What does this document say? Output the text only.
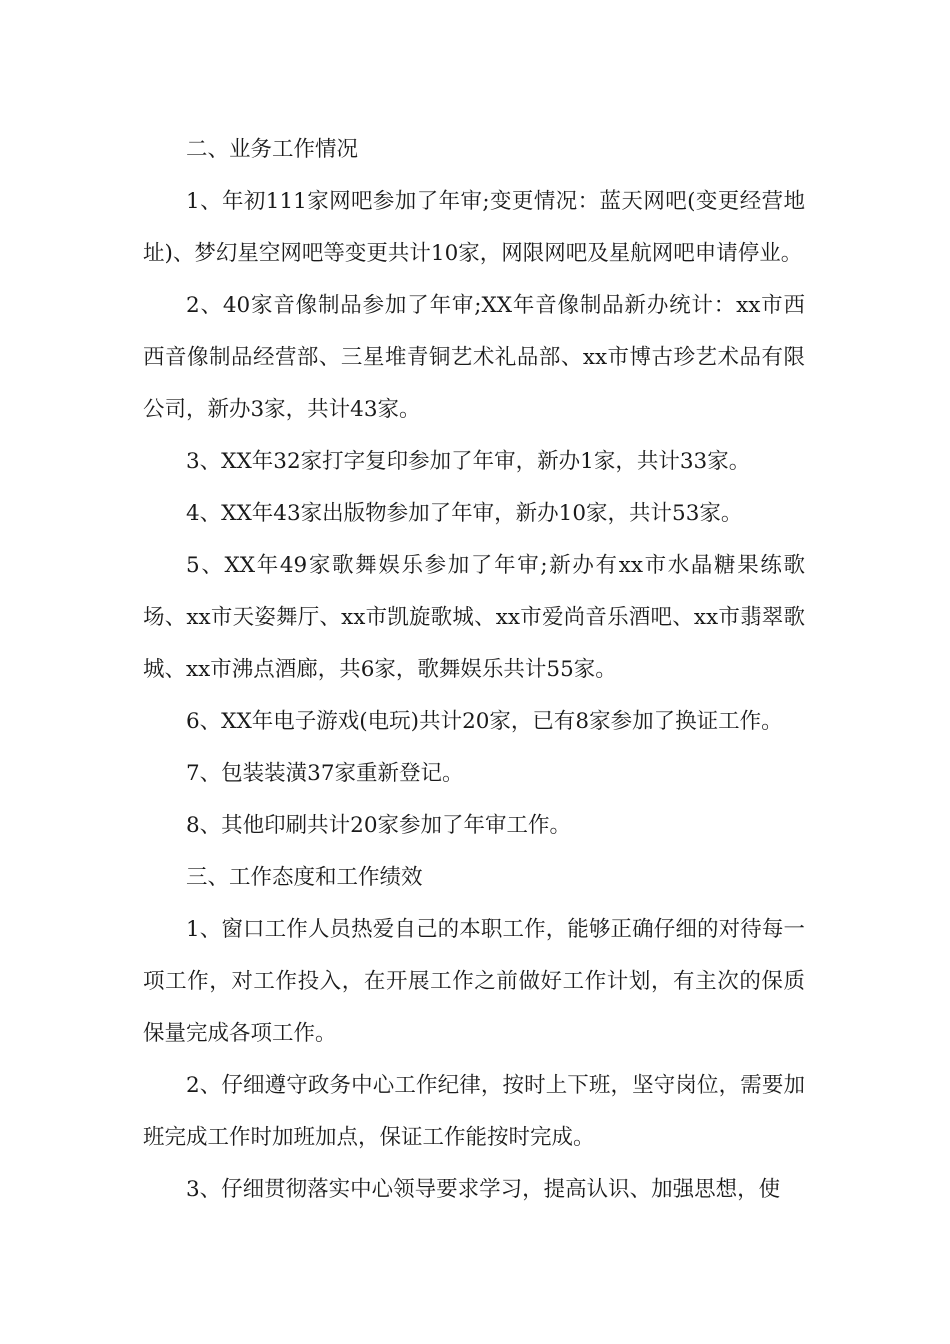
二、业务工作情况

1、年初111家网吧参加了年审;变更情况：蓝天网吧(变更经营地址)、梦幻星空网吧等变更共计10家，网限网吧及星航网吧申请停业。

2、40家音像制品参加了年审;XX年音像制品新办统计：xx市西西音像制品经营部、三星堆青铜艺术礼品部、xx市博古珍艺术品有限公司，新办3家，共计43家。

3、XX年32家打字复印参加了年审，新办1家，共计33家。

4、XX年43家出版物参加了年审，新办10家，共计53家。

5、XX年49家歌舞娱乐参加了年审;新办有xx市水晶糖果练歌场、xx市天姿舞厅、xx市凯旋歌城、xx市爱尚音乐酒吧、xx市翡翠歌城、xx市沸点酒廊，共6家，歌舞娱乐共计55家。

6、XX年电子游戏(电玩)共计20家，已有8家参加了换证工作。

7、包装装潢37家重新登记。

8、其他印刷共计20家参加了年审工作。

三、工作态度和工作绩效

1、窗口工作人员热爱自己的本职工作，能够正确仔细的对待每一项工作，对工作投入，在开展工作之前做好工作计划，有主次的保质保量完成各项工作。

2、仔细遵守政务中心工作纪律，按时上下班，坚守岗位，需要加班完成工作时加班加点，保证工作能按时完成。

3、仔细贯彻落实中心领导要求学习，提高认识、加强思想，使
